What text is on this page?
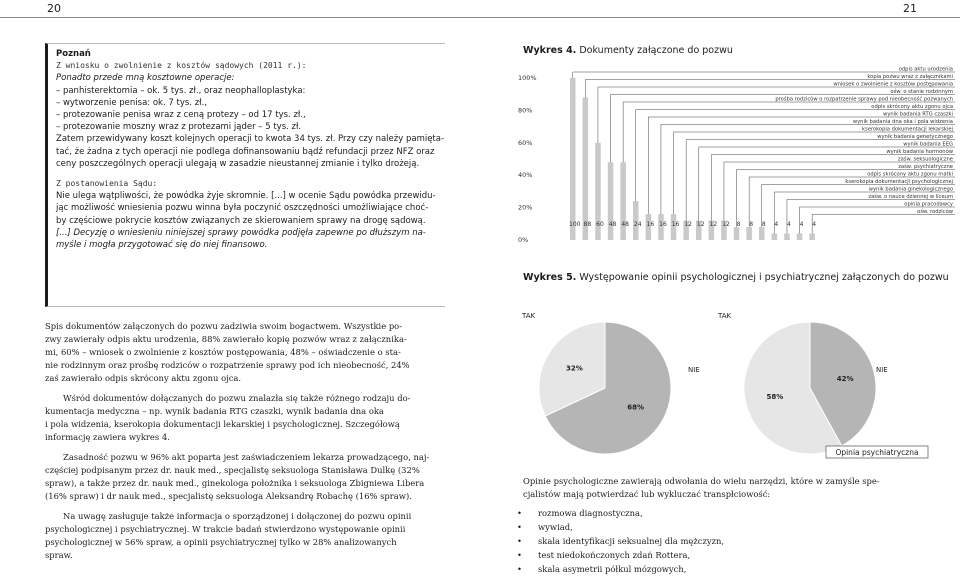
20	21
Poznań
Z wniosku o zwolnienie z kosztów sądowych (2011 r.):
Ponadto przede mną kosztowne operacje:
– panhisterektomia – ok. 5 tys. zł., oraz neophalloplastyka:
– wytworzenie penisa: ok. 7 tys. zł.,
– protezowanie penisa wraz z ceną protezy – od 17 tys. zł.,
– protezowanie moszny wraz z protezami jąder – 5 tys. zł.
Zatem przewidywany koszt kolejnych operacji to kwota 34 tys. zł. Przy czy należy pamięta-
tać, że żadna z tych operacji nie podlega dofinansowaniu bądź refundacji przez NFZ oraz
ceny poszczególnych operacji ulegają w zasadzie nieustannej zmianie i tylko drożeją.
Z postanowienia Sądu:
Nie ulega wątpliwości, że powódka żyje skromnie. [...] w ocenie Sądu powódka przewidu-
jąc możliwość wniesienia pozwu winna była poczynić oszczędności umożliwiające choć-
by częściowe pokrycie kosztów związanych ze skierowaniem sprawy na drogę sądową.
[...] Decyzję o wniesieniu niniejszej sprawy powódka podjęła zapewne po dłuższym na-
myśle i mogła przygotować się do niej finansowo.
Spis dokumentów załączonych do pozwu zadziwia swoim bogactwem. Wszystkie po-
zwy zawierały odpis aktu urodzenia, 88% zawierało kopię pozwów wraz z załącznika-
mi, 60% – wniosek o zwolnienie z kosztów postępowania, 48% – oświadczenie o sta-
nie rodzinnym oraz prośbę rodziców o rozpatrzenie sprawy pod ich nieobecność, 24%
zaś zawierało odpis skrócony aktu zgonu ojca.
Wśród dokumentów dołączanych do pozwu znalazła się także różnego rodzaju do-
kumentacja medyczna – np. wynik badania RTG czaszki, wynik badania dna oka
i pola widzenia, kserokopia dokumentacji lekarskiej i psychologicznej. Szczegółową
informację zawiera wykres 4.
Zasadność pozwu w 96% akt poparta jest zaświadczeniem lekarza prowadzącego, naj-
częściej podpisanym przez dr. nauk med., specjalistę seksuologa Stanisława Dulkę (32%
spraw), a także przez dr. nauk med., ginekologa położnika i seksuologa Zbigniewa Libera
(16% spraw) i dr nauk med., specjalistę seksuologa Aleksandrę Robachę (16% spraw).
Na uwagę zasługuje także informacja o sporządzonej i dołączonej do pozwu opinii
psychologicznej i psychiatrycznej. W trakcie badań stwierdzono występowanie opinii
psychologicznej w 56% spraw, a opinii psychiatrycznej tylko w 28% analizowanych
spraw.
Wykres 4. Dokumenty załączone do pozwu
Wykres 5. Występowanie opinii psychologicznej i psychiatrycznej załączonych do pozwu
100%
80%
60%
40%
20%
0%
100
odpis aktu urodzenia
88
kopia pozwu wraz z załącznikami
60
wniosek o zwolnienie z kosztów postępowania
48
ośw. o stanie rodzinnym
48
prośba rodziców o rozpatrzenie sprawy pod nieobecność pozwanych
24
odpis skrócony aktu zgonu ojca
16
wynik badania RTG czaszki
16
wynik badania dna oka i pola widzenia
16
kserokopia dokumentacji lekarskiej
12
wynik badania genetycznego
12
wynik badania EEG
12
wynik badania hormonów
12
zaśw. seksuologiczne
8
zaśw. psychiatryczne
8
odpis skrócony aktu zgonu matki
8
kserokopia dokumentacji psychologicznej
4
wynik badania ginekologicznego
4
zaśw. o nauce dziennej w liceum
4
opinia pracodawcy
4
ośw. rodziców
32%
TAK
68%
NIE
58%
TAK
42%
NIE
Opinia psychiatryczna
Opinie psychologiczne zawierają odwołania do wielu narzędzi, które w zamyśle spe-
cjalistów mają potwierdzać lub wykluczać transpłciowość:
• rozmowa diagnostyczna,
• wywiad,
• skala identyfikacji seksualnej dla mężczyzn,
• test niedokończonych zdań Rottera,
• skala asymetrii półkul mózgowych,
